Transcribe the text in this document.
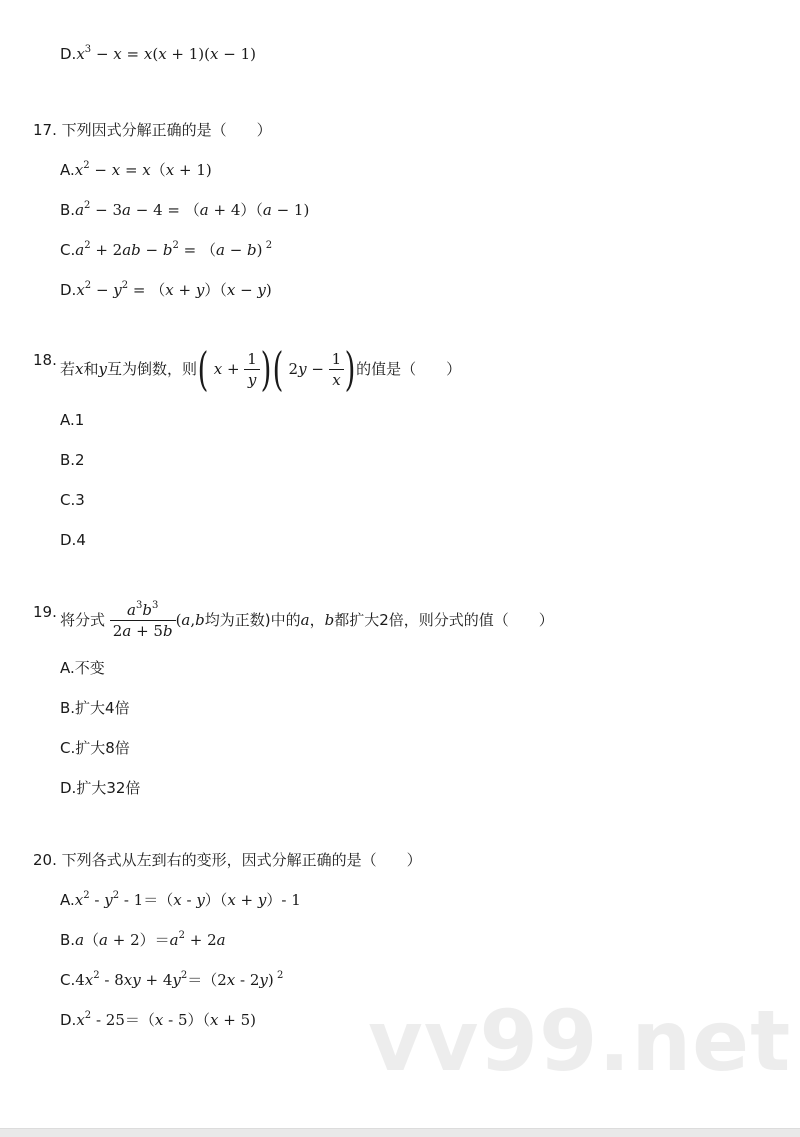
$D.x^3 - x = x(x + 1)(x - 1)$
17. 下列因式分解正确的是（　　）
$A.x^2 - x = x(x + 1)$
$B.a^2 - 3a - 4 = (a + 4)(a - 1)$
$C.a^2 + 2ab - b^2 = (a - b)$ $^2$
$D.x^2 - y^2 = (x + y)(x - y)$
18. 若 x 和 y 互为倒数，则 ( $x + \frac{1}{y}$ ) ( 2 $y - \frac{1}{x}$ ) 的值是（　　）
A.1
B.2
C.3
D.4
19. 将分式
$\frac{a^3b^3}{2a + 5b}$ ( a , b 均为正数)中的 a ， b 都扩大2倍，则分式的值（　　）
A.不变
B.扩大4倍
C.扩大8倍
D.扩大32倍
20. 下列各式从左到右的变形，因式分解正确的是（　　）
$A.x^2 - y^2 - 1=(x - y)(x + y)-$ 1
$B.a(a + 2)=a^2 + 2a$
$C.4x^2 - 8xy + 4y^2=(2x - 2y)$ $^2$
$D.x^2 - 25=(x - 5)(x + 5)$ vv99.net
